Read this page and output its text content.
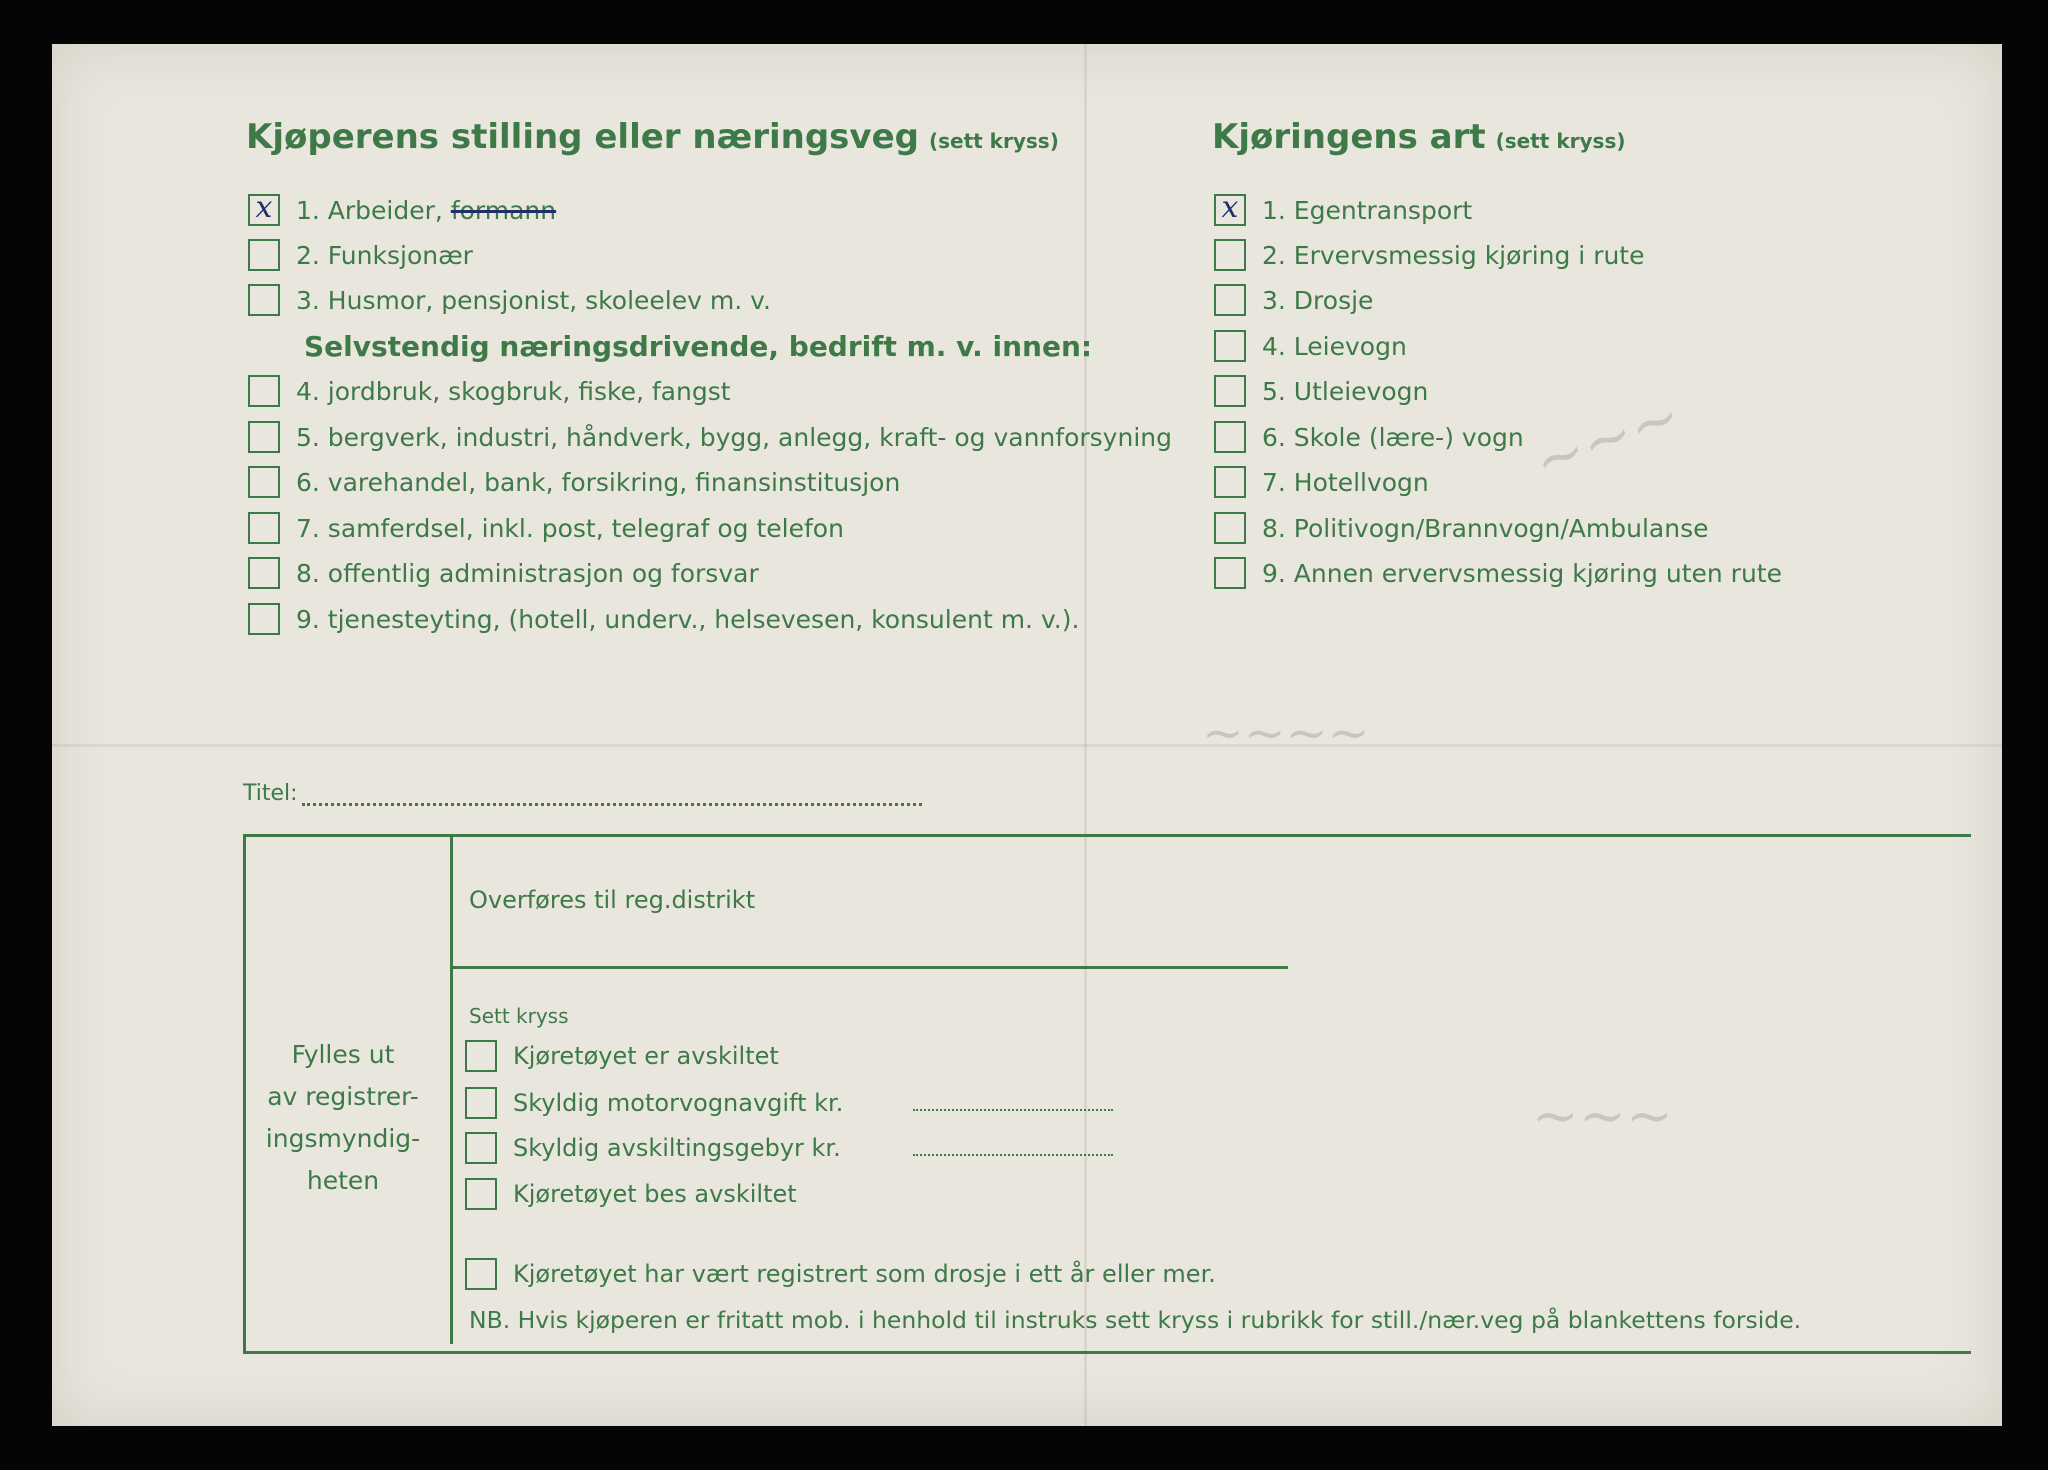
~~~
~~~~
~~~
Kjøperens stilling eller næringsveg (sett kryss)
x 1. Arbeider, formann
2. Funksjonær
3. Husmor, pensjonist, skoleelev m. v.
Selvstendig næringsdrivende, bedrift m. v. innen:
4. jordbruk, skogbruk, fiske, fangst
5. bergverk, industri, håndverk, bygg, anlegg, kraft- og vannforsyning
6. varehandel, bank, forsikring, finansinstitusjon
7. samferdsel, inkl. post, telegraf og telefon
8. offentlig administrasjon og forsvar
9. tjenesteyting, (hotell, underv., helsevesen, konsulent m. v.).
Kjøringens art (sett kryss)
x 1. Egentransport
2. Ervervsmessig kjøring i rute
3. Drosje
4. Leievogn
5. Utleievogn
6. Skole (lære-) vogn
7. Hotellvogn
8. Politivogn/Brannvogn/Ambulanse
9. Annen ervervsmessig kjøring uten rute
Titel:
Fylles ut
av registrer-
ingsmyndig-
heten
Overføres til reg.distrikt
Sett kryss
Kjøretøyet er avskiltet
Skyldig motorvognavgift kr.
Skyldig avskiltingsgebyr kr.
Kjøretøyet bes avskiltet
Kjøretøyet har vært registrert som drosje i ett år eller mer.
NB. Hvis kjøperen er fritatt mob. i henhold til instruks sett kryss i rubrikk for still./nær.veg på blankettens forside.
